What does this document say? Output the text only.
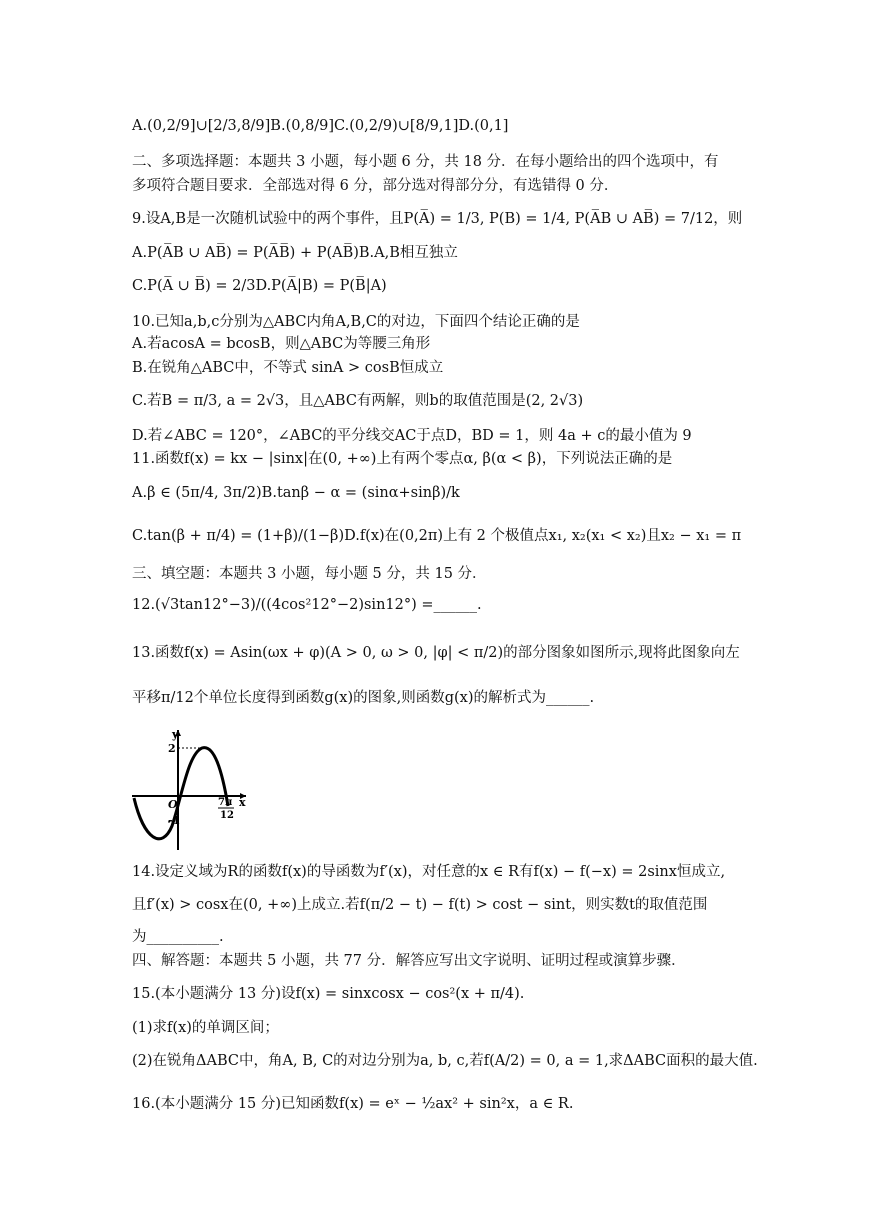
A.(0,2/9]∪[2/3,8/9]B.(0,8/9]C.(0,2/9)∪[8/9,1]D.(0,1]
二、多项选择题：本题共 3 小题，每小题 6 分，共 18 分．在每小题给出的四个选项中，有
多项符合题目要求．全部选对得 6 分，部分选对得部分分，有选错得 0 分．
9.设A,B是一次随机试验中的两个事件，且P(A̅) = 1/3, P(B) = 1/4, P(A̅B ∪ AB̅) = 7/12，则
A.P(A̅B ∪ AB̅) = P(A̅B̅) + P(AB̅)B.A,B相互独立
C.P(A̅ ∪ B̅) = 2/3D.P(A̅|B) = P(B̅|A)
10.已知a,b,c分别为△ABC内角A,B,C的对边，下面四个结论正确的是
A.若acosA = bcosB，则△ABC为等腰三角形
B.在锐角△ABC中，不等式 sinA > cosB恒成立
C.若B = π/3, a = 2√3，且△ABC有两解，则b的取值范围是(2, 2√3)
D.若∠ABC = 120°，∠ABC的平分线交AC于点D，BD = 1，则 4a + c的最小值为 9
11.函数f(x) = kx − |sinx|在(0, +∞)上有两个零点α, β(α < β)，下列说法正确的是
A.β ∈ (5π/4, 3π/2)B.tanβ − α = (sinα+sinβ)/k
C.tan(β + π/4) = (1+β)/(1−β)D.f(x)在(0,2π)上有 2 个极值点x₁, x₂(x₁ < x₂)且x₂ − x₁ = π
三、填空题：本题共 3 小题，每小题 5 分，共 15 分．
12.(√3tan12°−3)/((4cos²12°−2)sin12°) =______.
13.函数f(x) = Asin(ωx + φ)(A > 0, ω > 0, |φ| < π/2)的部分图象如图所示,现将此图象向左
平移π/12个单位长度得到函数g(x)的图象,则函数g(x)的解析式为______.
y
x
O
2
-1
7π
12
14.设定义域为R的函数f(x)的导函数为f′(x)，对任意的x ∈ R有f(x) − f(−x) = 2sinx恒成立,
且f′(x) > cosx在(0, +∞)上成立.若f(π/2 − t) − f(t) > cost − sint，则实数t的取值范围
为__________.
四、解答题：本题共 5 小题，共 77 分．解答应写出文字说明、证明过程或演算步骤．
15.(本小题满分 13 分)设f(x) = sinxcosx − cos²(x + π/4).
(1)求f(x)的单调区间；
(2)在锐角ΔABC中，角A, B, C的对边分别为a, b, c,若f(A/2) = 0, a = 1,求ΔABC面积的最大值.
16.(本小题满分 15 分)已知函数f(x) = eˣ − ½ax² + sin²x，a ∈ R.
